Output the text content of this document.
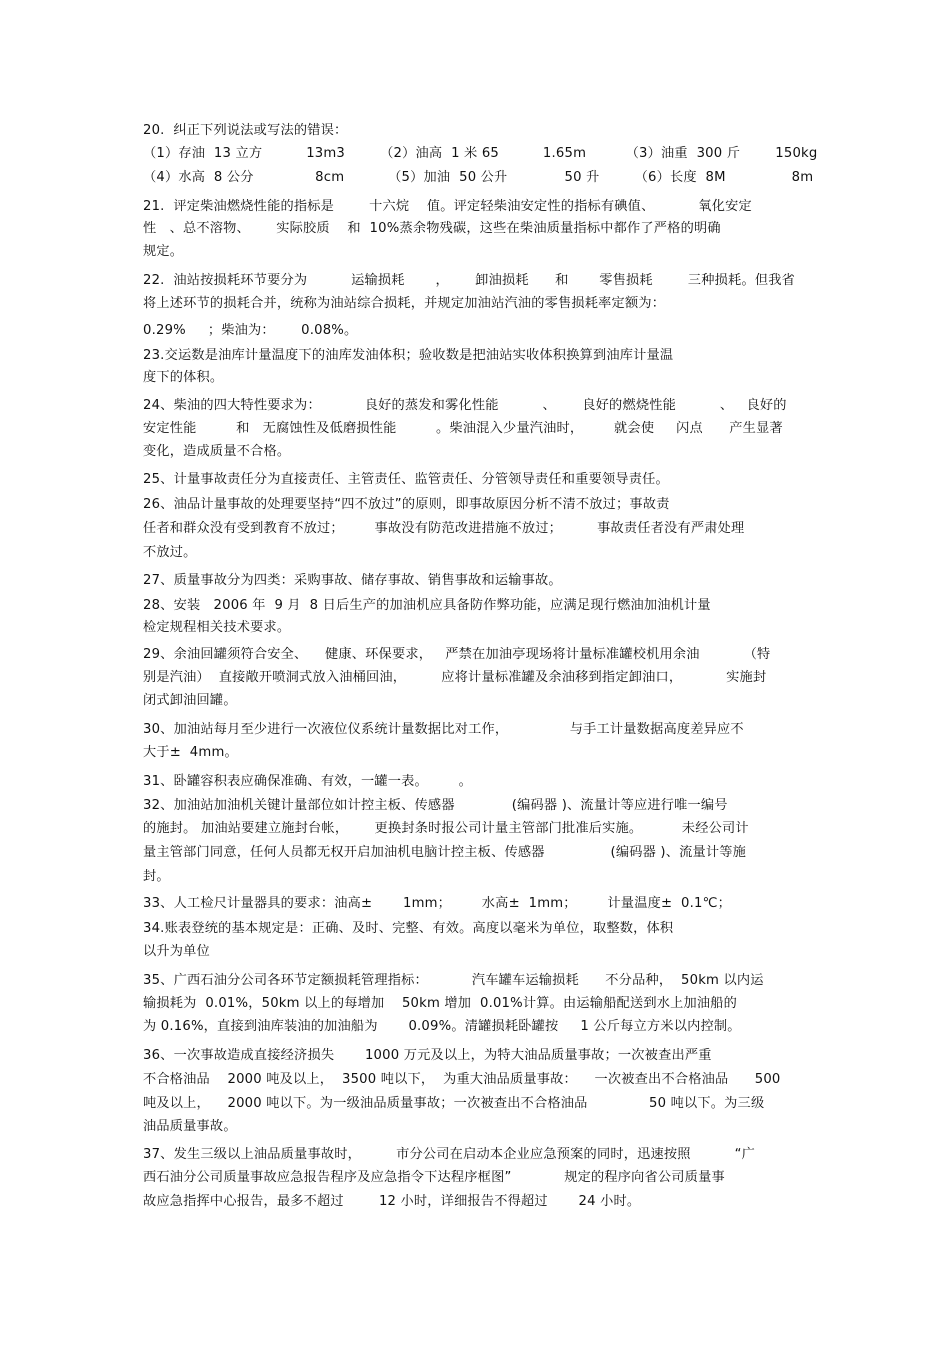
20.  纠正下列说法或写法的错误：
（1）存油  13 立方          13m3        （2）油高  1 米 65          1.65m         （3）油重  300 斤        150kg
（4）水高  8 公分              8cm          （5）加油  50 公升             50 升        （6）长度  8M               8m
21.  评定柴油燃烧性能的指标是        十六烷    值。评定轻柴油安定性的指标有碘值、          氧化安定
性   、总不溶物、      实际胶质    和  10%蒸余物残碳，这些在柴油质量指标中都作了严格的明确
规定。
22.  油站按损耗环节要分为          运输损耗       ，      卸油损耗      和       零售损耗        三种损耗。但我省
将上述环节的损耗合并，统称为油站综合损耗，并规定加油站汽油的零售损耗率定额为：
0.29%     ；柴油为：      0.08%。
23.交运数是油库计量温度下的油库发油体积；验收数是把油站实收体积换算到油库计量温
度下的体积。
24、柴油的四大特性要求为：          良好的蒸发和雾化性能          、      良好的燃烧性能          、   良好的
安定性能         和   无腐蚀性及低磨损性能         。柴油混入少量汽油时，       就会使     闪点      产生显著
变化，造成质量不合格。
25、计量事故责任分为直接责任、主管责任、监管责任、分管领导责任和重要领导责任。
26、油品计量事故的处理要坚持“四不放过”的原则，即事故原因分析不清不放过；事故责
任者和群众没有受到教育不放过；       事故没有防范改进措施不放过；        事故责任者没有严肃处理
不放过。
27、质量事故分为四类：采购事故、储存事故、销售事故和运输事故。
28、安装   2006 年  9 月  8 日后生产的加油机应具备防作弊功能，应满足现行燃油加油机计量
检定规程相关技术要求。
29、余油回罐须符合安全、    健康、环保要求，   严禁在加油亭现场将计量标准罐校机用余油          （特
别是汽油）  直接敞开喷洞式放入油桶回油，        应将计量标准罐及余油移到指定卸油口，          实施封
闭式卸油回罐。
30、加油站每月至少进行一次液位仪系统计量数据比对工作，              与手工计量数据高度差异应不
大于±  4mm。
31、卧罐容积表应确保准确、有效，一罐一表。       。
32、加油站加油机关键计量部位如计控主板、传感器             (编码器 )、流量计等应进行唯一编号
的施封。 加油站要建立施封台帐，      更换封条时报公司计量主管部门批准后实施。         未经公司计
量主管部门同意，任何人员都无权开启加油机电脑计控主板、传感器               (编码器 )、流量计等施
封。
33、人工检尺计量器具的要求：油高±       1mm；       水高±  1mm；       计量温度±  0.1℃；
34.账表登统的基本规定是：正确、及时、完整、有效。高度以毫米为单位，取整数，体积
以升为单位
35、广西石油分公司各环节定额损耗管理指标：          汽车罐车运输损耗      不分品种，  50km 以内运
输损耗为  0.01%，50km 以上的每增加    50km 增加  0.01%计算。由运输船配送到水上加油船的
为 0.16%，直接到油库装油的加油船为       0.09%。清罐损耗卧罐按     1 公斤每立方米以内控制。
36、一次事故造成直接经济损失       1000 万元及以上，为特大油品质量事故；一次被查出严重
不合格油品    2000 吨及以上，  3500 吨以下，  为重大油品质量事故：    一次被查出不合格油品      500
吨及以上，    2000 吨以下。为一级油品质量事故；一次被查出不合格油品              50 吨以下。为三级
油品质量事故。
37、发生三级以上油品质量事故时，        市分公司在启动本企业应急预案的同时，迅速按照          “广
西石油分公司质量事故应急报告程序及应急指令下达程序框图”            规定的程序向省公司质量事
故应急指挥中心报告，最多不超过        12 小时，详细报告不得超过       24 小时。
